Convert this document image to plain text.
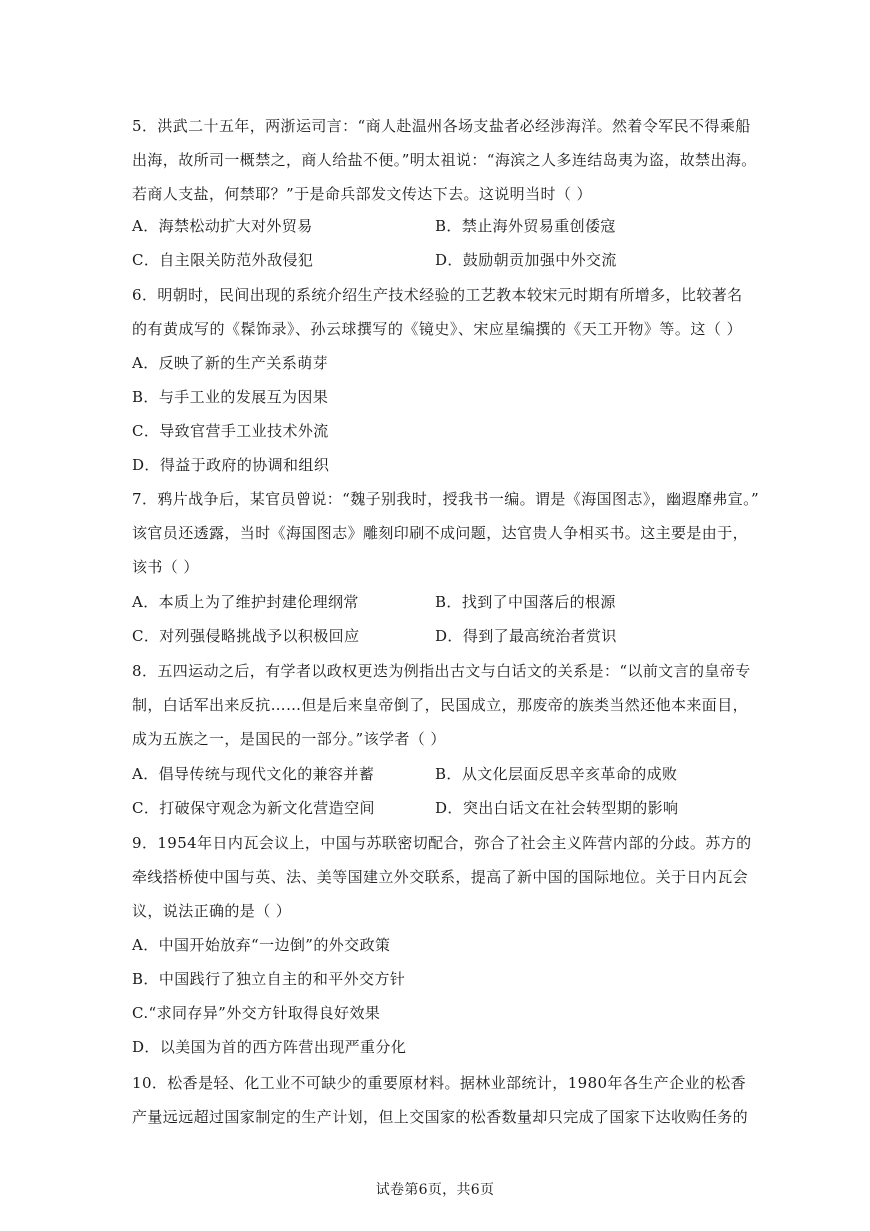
5．洪武二十五年，两浙运司言：“商人赴温州各场支盐者必经涉海洋。然着令军民不得乘船
出海，故所司一概禁之，商人给盐不便。”明太祖说：“海滨之人多连结岛夷为盗，故禁出海。
若商人支盐，何禁耶？”于是命兵部发文传达下去。这说明当时（ ）
A．海禁松动扩大对外贸易	B．禁止海外贸易重创倭寇
C．自主限关防范外敌侵犯	D．鼓励朝贡加强中外交流
6．明朝时，民间出现的系统介绍生产技术经验的工艺教本较宋元时期有所增多，比较著名
的有黄成写的《髹饰录》、孙云球撰写的《镜史》、宋应星编撰的《天工开物》等。这（ ）
A．反映了新的生产关系萌芽
B．与手工业的发展互为因果
C．导致官营手工业技术外流
D．得益于政府的协调和组织
7．鸦片战争后，某官员曾说：“魏子别我时，授我书一编。谓是《海国图志》，幽遐靡弗宣。”
该官员还透露，当时《海国图志》雕刻印刷不成问题，达官贵人争相买书。这主要是由于，
该书（ ）
A．本质上为了维护封建伦理纲常	B．找到了中国落后的根源
C．对列强侵略挑战予以积极回应	D．得到了最高统治者赏识
8．五四运动之后，有学者以政权更迭为例指出古文与白话文的关系是：“以前文言的皇帝专
制，白话军出来反抗……但是后来皇帝倒了，民国成立，那废帝的族类当然还他本来面目，
成为五族之一，是国民的一部分。”该学者（ ）
A．倡导传统与现代文化的兼容并蓄	B．从文化层面反思辛亥革命的成败
C．打破保守观念为新文化营造空间	D．突出白话文在社会转型期的影响
9．1954年日内瓦会议上，中国与苏联密切配合，弥合了社会主义阵营内部的分歧。苏方的
牵线搭桥使中国与英、法、美等国建立外交联系，提高了新中国的国际地位。关于日内瓦会
议，说法正确的是（ ）
A．中国开始放弃“一边倒”的外交政策
B．中国践行了独立自主的和平外交方针
C.“求同存异”外交方针取得良好效果
D．以美国为首的西方阵营出现严重分化
10．松香是轻、化工业不可缺少的重要原材料。据林业部统计，1980年各生产企业的松香
产量远远超过国家制定的生产计划，但上交国家的松香数量却只完成了国家下达收购任务的
试卷第6页，共6页
